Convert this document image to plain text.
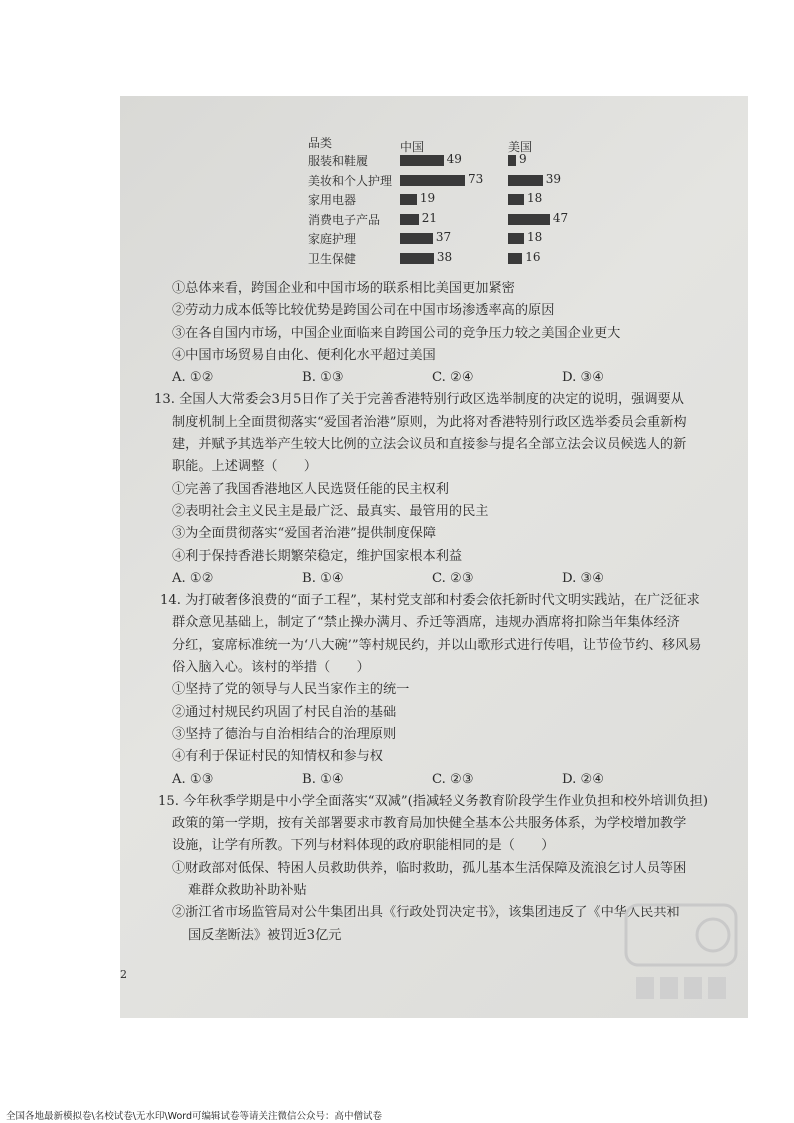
品类	中国	美国
服装和鞋履	49	9
美妆和个人护理	73	39
家用电器	19	18
消费电子产品	21	47
家庭护理	37	18
卫生保健	38	16

①总体来看，跨国企业和中国市场的联系相比美国更加紧密

②劳动力成本低等比较优势是跨国公司在中国市场渗透率高的原因

③在各自国内市场，中国企业面临来自跨国公司的竞争压力较之美国企业更大

④中国市场贸易自由化、便利化水平超过美国

A. ①②	B. ①③	C. ②④	D. ③④

13. 全国人大常委会3月5日作了关于完善香港特别行政区选举制度的决定的说明，强调要从

制度机制上全面贯彻落实“爱国者治港”原则，为此将对香港特别行政区选举委员会重新构

建，并赋予其选举产生较大比例的立法会议员和直接参与提名全部立法会议员候选人的新

职能。上述调整（　　）

①完善了我国香港地区人民选贤任能的民主权利

②表明社会主义民主是最广泛、最真实、最管用的民主

③为全面贯彻落实“爱国者治港”提供制度保障

④利于保持香港长期繁荣稳定，维护国家根本利益

A. ①②	B. ①④	C. ②③	D. ③④

14. 为打破奢侈浪费的“面子工程”，某村党支部和村委会依托新时代文明实践站，在广泛征求

群众意见基础上，制定了“禁止操办满月、乔迁等酒席，违规办酒席将扣除当年集体经济

分红，宴席标准统一为‘八大碗’”等村规民约，并以山歌形式进行传唱，让节俭节约、移风易

俗入脑入心。该村的举措（　　）

①坚持了党的领导与人民当家作主的统一

②通过村规民约巩固了村民自治的基础

③坚持了德治与自治相结合的治理原则

④有利于保证村民的知情权和参与权

A. ①③	B. ①④	C. ②③	D. ②④

15. 今年秋季学期是中小学全面落实“双减”(指减轻义务教育阶段学生作业负担和校外培训负担)

政策的第一学期，按有关部署要求市教育局加快健全基本公共服务体系，为学校增加教学

设施，让学有所教。下列与材料体现的政府职能相同的是（　　）

①财政部对低保、特困人员救助供养，临时救助，孤儿基本生活保障及流浪乞讨人员等困

难群众救助补助补贴

②浙江省市场监管局对公牛集团出具《行政处罚决定书》，该集团违反了《中华人民共和

国反垄断法》被罚近3亿元

2
全国各地最新模拟卷\名校试卷\无水印\Word可编辑试卷等请关注微信公众号：高中僧试卷
